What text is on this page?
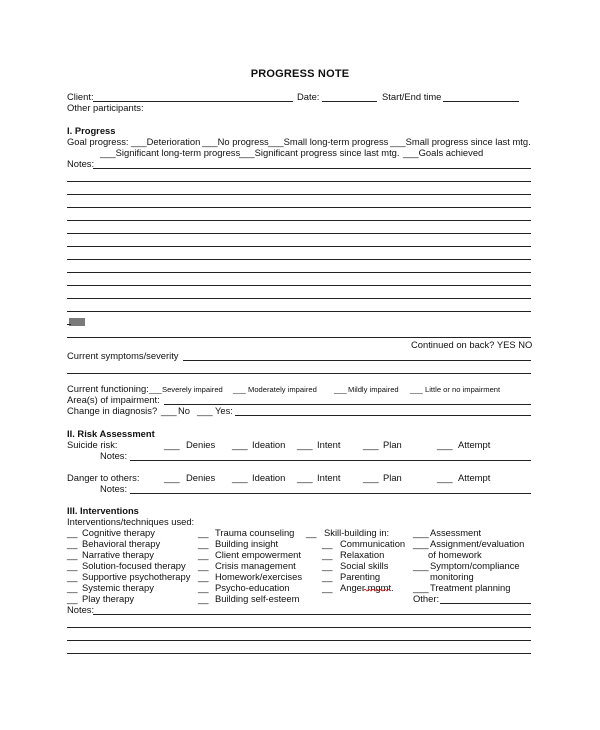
PROGRESS NOTE
Client:	Date:	Start/End time
Other participants:
I. Progress
Goal progress: ___Deterioration ___No progress ___Small long-term progress ___Small progress since last mtg.
___Significant long-term progress
___Significant progress since last mtg. ___Goals achieved
Notes:
Continued on back? YES NO
Current symptoms/severity
Current functioning: ___ Severely impaired ___ Moderately impaired ___ Mildly impaired ___ Little or no impairment
Area(s) of impairment:
Change in diagnosis? ___ No ___ Yes:
II. Risk Assessment
Suicide risk:	___ Denies ___ Ideation ___ Intent ___ Plan	___ Attempt
Notes:
Danger to others:	___ Denies ___ Ideation ___ Intent ___ Plan	___ Attempt
Notes:
III. Interventions
Interventions/techniques used:
__ Cognitive therapy
__ Behavioral therapy
__ Narrative therapy
__ Solution-focused therapy
__ Supportive psychotherapy
__ Systemic therapy
__ Play therapy
__ Trauma counseling
__ Building insight
__ Client empowerment
__ Crisis management
__ Homework/exercises
__ Psycho-education
__ Building self-esteem
__ Skill-building in:
__ Communication
__ Relaxation
__ Social skills
__ Parenting
__ Anger mgmt.
___ Assessment
___ Assignment/evaluation
of homework
___ Symptom/compliance
monitoring
___ Treatment planning
Other:
Notes:
